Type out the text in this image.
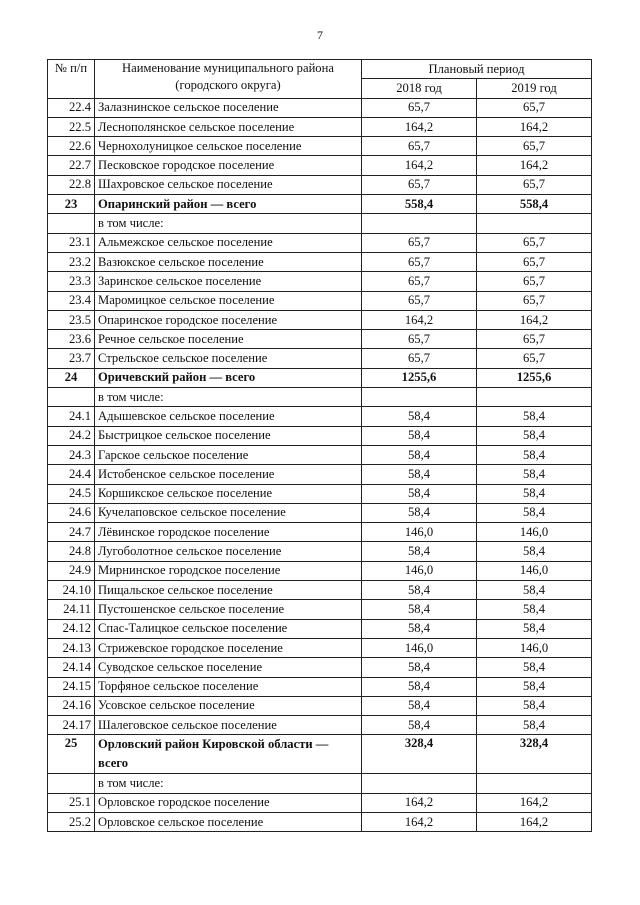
7
№ п/п	Наименование муниципального района (городского округа)	Плановый период	
		2018 год	2019 год
22.4	Залазнинское сельское поселение	65,7	65,7
22.5	Леснополянское сельское поселение	164,2	164,2
22.6	Чернохолуницкое сельское поселение	65,7	65,7
22.7	Песковское городское поселение	164,2	164,2
22.8	Шахровское сельское поселение	65,7	65,7
23	Опаринский район — всего	558,4	558,4
	в том числе:		
23.1	Альмежское сельское поселение	65,7	65,7
23.2	Вазюкское сельское поселение	65,7	65,7
23.3	Заринское сельское поселение	65,7	65,7
23.4	Маромицкое сельское поселение	65,7	65,7
23.5	Опаринское городское поселение	164,2	164,2
23.6	Речное сельское поселение	65,7	65,7
23.7	Стрельское сельское поселение	65,7	65,7
24	Оричевский район — всего	1255,6	1255,6
	в том числе:		
24.1	Адышевское сельское поселение	58,4	58,4
24.2	Быстрицкое сельское поселение	58,4	58,4
24.3	Гарское сельское поселение	58,4	58,4
24.4	Истобенское сельское поселение	58,4	58,4
24.5	Коршикское сельское поселение	58,4	58,4
24.6	Кучелаповское сельское поселение	58,4	58,4
24.7	Лёвинское городское поселение	146,0	146,0
24.8	Лугоболотное сельское поселение	58,4	58,4
24.9	Мирнинское городское поселение	146,0	146,0
24.10	Пищальское сельское поселение	58,4	58,4
24.11	Пустошенское сельское поселение	58,4	58,4
24.12	Спас-Талицкое сельское поселение	58,4	58,4
24.13	Стрижевское городское поселение	146,0	146,0
24.14	Суводское сельское поселение	58,4	58,4
24.15	Торфяное сельское поселение	58,4	58,4
24.16	Усовское сельское поселение	58,4	58,4
24.17	Шалеговское сельское поселение	58,4	58,4
25	Орловский район Кировской области — всего	328,4	328,4
	в том числе:		
25.1	Орловское городское поселение	164,2	164,2
25.2	Орловское сельское поселение	164,2	164,2
